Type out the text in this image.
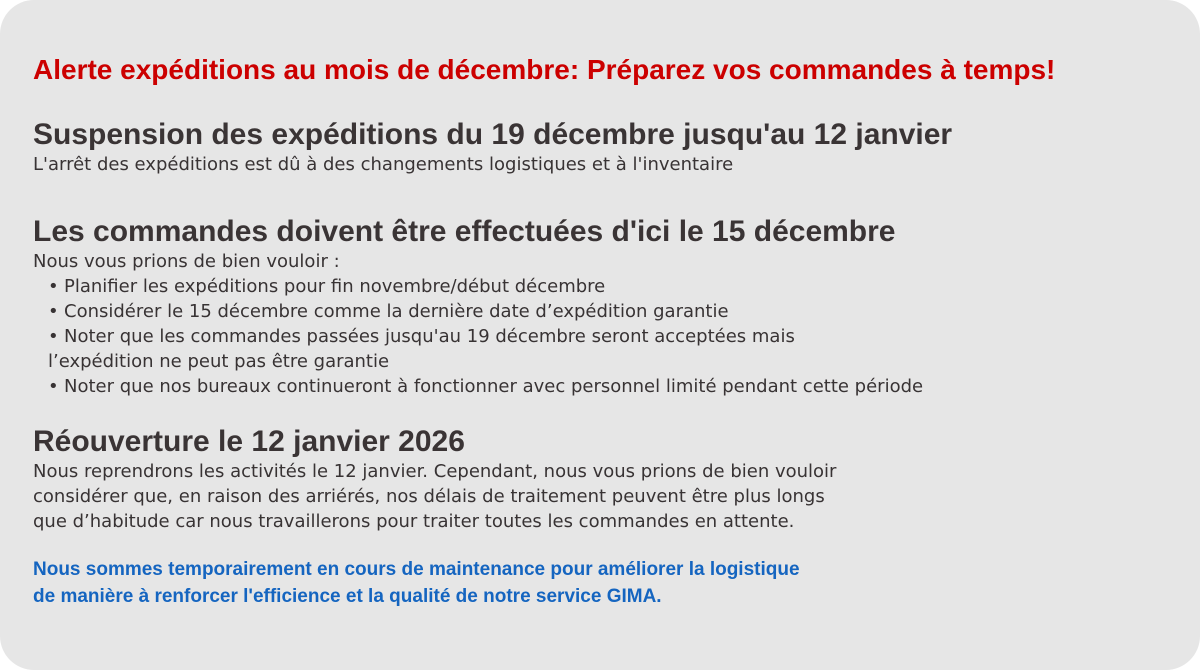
Alerte expéditions au mois de décembre: Préparez vos commandes à temps!

Suspension des expéditions du 19 décembre jusqu'au 12 janvier

L'arrêt des expéditions est dû à des changements logistiques et à l'inventaire

Les commandes doivent être effectuées d'ici le 15 décembre

Nous vous prions de bien vouloir :

• Planifier les expéditions pour fin novembre/début décembre
• Considérer le 15 décembre comme la dernière date d’expédition garantie
• Noter que les commandes passées jusqu'au 19 décembre seront acceptées mais
l’expédition ne peut pas être garantie
• Noter que nos bureaux continueront à fonctionner avec personnel limité pendant cette période

Réouverture le 12 janvier 2026

Nous reprendrons les activités le 12 janvier. Cependant, nous vous prions de bien vouloir

considérer que, en raison des arriérés, nos délais de traitement peuvent être plus longs

que d’habitude car nous travaillerons pour traiter toutes les commandes en attente.

Nous sommes temporairement en cours de maintenance pour améliorer la logistique
de manière à renforcer l'efficience et la qualité de notre service GIMA.
